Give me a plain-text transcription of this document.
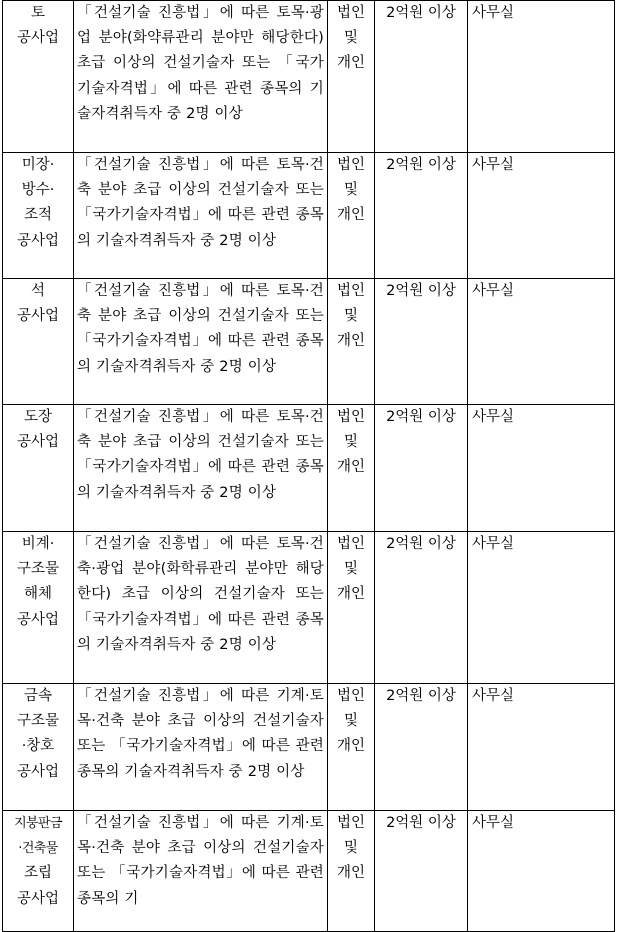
토
공사업	「건설기술 진흥법」에 따른 토목·광업 분야(화약류관리 분야만 해당한다) 초급 이상의 건설기술자 또는 「국가기술자격법」에 따른 관련 종목의 기술자격취득자 중 2명 이상	법인
및
개인	2억원 이상	사무실

미장·
방수·
조적
공사업	「건설기술 진흥법」에 따른 토목·건축 분야 초급 이상의 건설기술자 또는 「국가기술자격법」에 따른 관련 종목의 기술자격취득자 중 2명 이상	법인
및
개인	2억원 이상	사무실

석
공사업	「건설기술 진흥법」에 따른 토목·건축 분야 초급 이상의 건설기술자 또는 「국가기술자격법」에 따른 관련 종목의 기술자격취득자 중 2명 이상	법인
및
개인	2억원 이상	사무실

도장
공사업	「건설기술 진흥법」에 따른 토목·건축 분야 초급 이상의 건설기술자 또는 「국가기술자격법」에 따른 관련 종목의 기술자격취득자 중 2명 이상	법인
및
개인	2억원 이상	사무실

비계·
구조물
해체
공사업	「건설기술 진흥법」에 따른 토목·건축·광업 분야(화학류관리 분야만 해당한다) 초급 이상의 건설기술자 또는 「국가기술자격법」에 따른 관련 종목의 기술자격취득자 중 2명 이상	법인
및
개인	2억원 이상	사무실

금속
구조물
·창호
공사업	「건설기술 진흥법」에 따른 기계·토목·건축 분야 초급 이상의 건설기술자 또는 「국가기술자격법」에 따른 관련 종목의 기술자격취득자 중 2명 이상	법인
및
개인	2억원 이상	사무실

지붕판금
·건축물
조립
공사업	「건설기술 진흥법」에 따른 기계·토목·건축 분야 초급 이상의 건설기술자 또는 「국가기술자격법」에 따른 관련 종목의 기	법인
및
개인	2억원 이상	사무실
